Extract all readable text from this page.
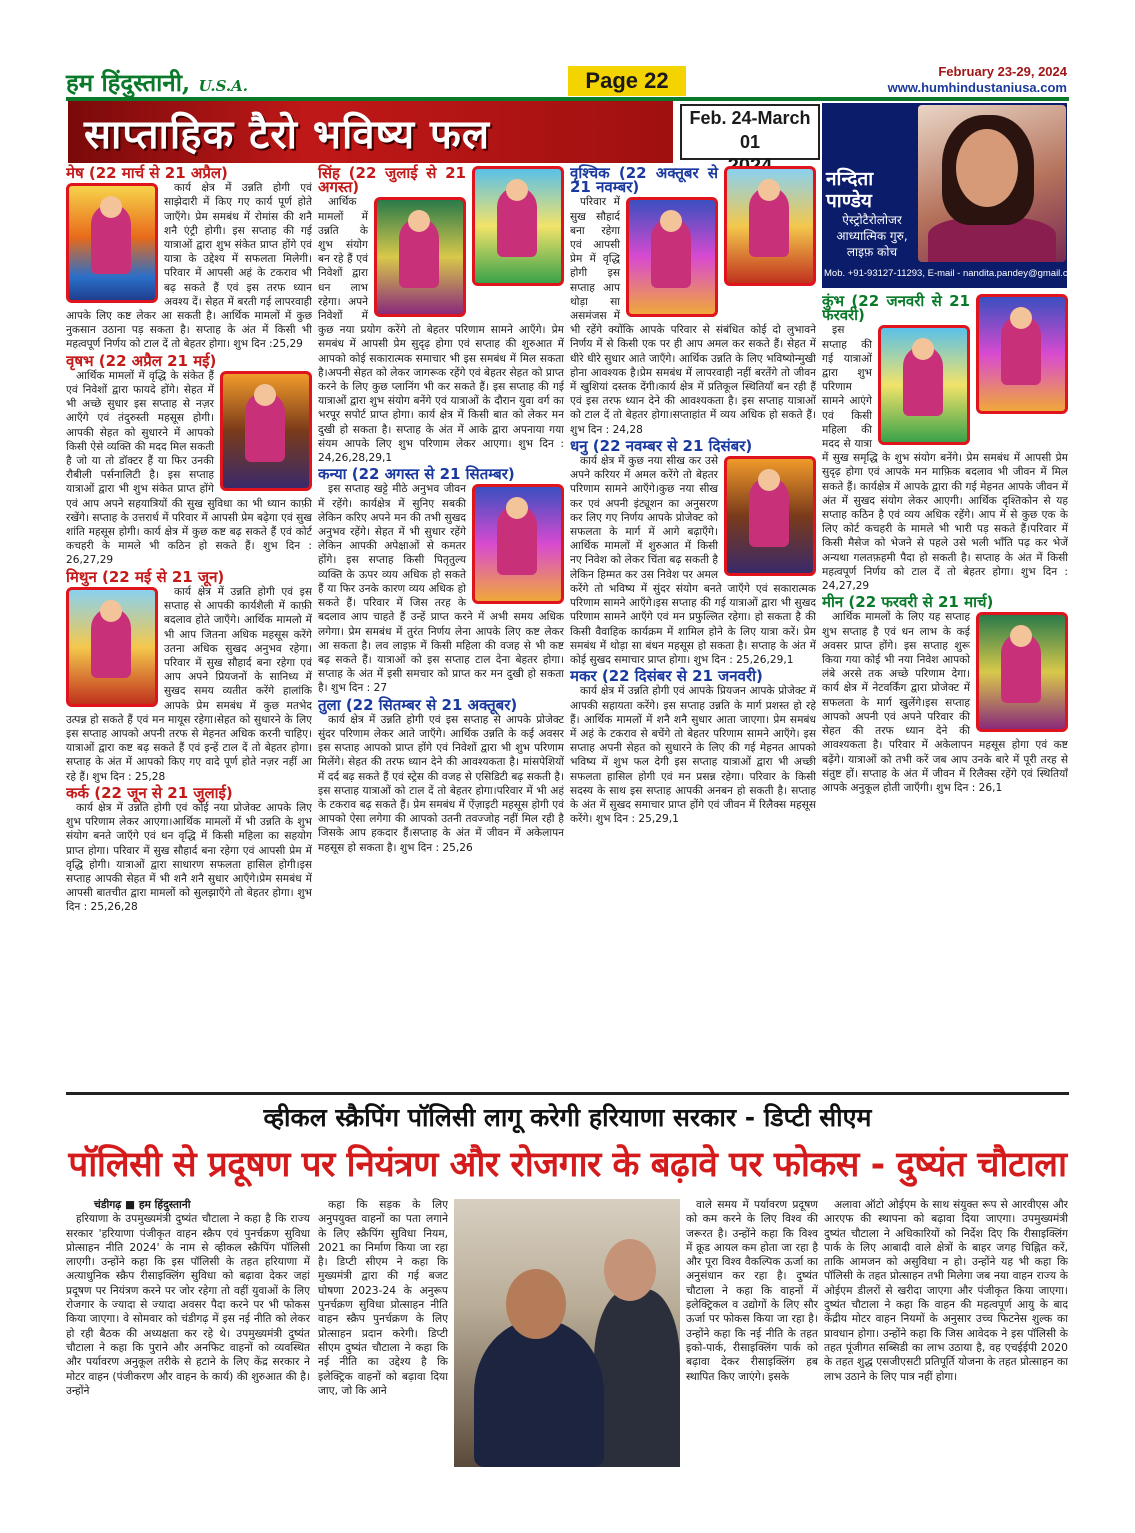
हम हिंदुस्तानी, U.S.A.	Page 22	February 23-29, 2024
www.humhindustaniusa.com
साप्ताहिक टैरो भविष्य फल	Feb. 24-March 01
नन्दिता
पाण्डेय
ऐस्ट्रोटैरोलोजर
आध्यात्मिक गुरु,
लाइफ़ कोच
Mob. +91-93127-11293, E-mail - nandita.pandey@gmail.com
मेष (22 मार्च से 21 अप्रैल)

कार्य क्षेत्र में उन्नति होगी एवं साझेदारी में किए गए कार्य पूर्ण होते जाएँगे। प्रेम समबंध में रोमांस की शनै शनै एंट्री होगी। इस सप्ताह की गई यात्राओं द्वारा शुभ संकेत प्राप्त होंगे एवं यात्रा के उद्देश्य में सफलता मिलेगी।परिवार में आपसी अहं के टकराव भी बढ़ सकते हैं एवं इस तरफ ध्यान अवश्य दें। सेहत में बरती गई लापरवाही आपके लिए कष्ट लेकर आ सकती है। आर्थिक मामलों में कुछ नुकसान उठाना पड़ सकता है। सप्ताह के अंत में किसी भी महत्वपूर्ण निर्णय को टाल दें तो बेहतर होगा। शुभ दिन :25,29

वृषभ (22 अप्रैल 21 मई)

आर्थिक मामलों में वृद्धि के संकेत हैं एवं निवेशों द्वारा फायदे होंगे। सेहत में भी अच्छे सुधार इस सप्ताह से नज़र आएँगे एवं तंदुरुस्ती महसूस होगी।आपकी सेहत को सुधारने में आपको किसी ऐसे व्यक्ति की मदद मिल सकती है जो या तो डॉक्टर हैं या फिर उनकी रौबीली पर्सनालिटी है। इस सप्ताह यात्राओं द्वारा भी शुभ संकेत प्राप्त होंगे एवं आप अपने सहयात्रियों की सुख सुविधा का भी ध्यान काफ़ी रखेंगे। सप्ताह के उत्तरार्ध में परिवार में आपसी प्रेम बढ़ेगा एवं सुख शांति महसूस होगी। कार्य क्षेत्र में कुछ कष्ट बढ़ सकते हैं एवं कोर्ट कचहरी के मामले भी कठिन हो सकते हैं। शुभ दिन : 26,27,29

मिथुन (22 मई से 21 जून)

कार्य क्षेत्र में उन्नति होगी एवं इस सप्ताह से आपकी कार्यशैली में काफ़ी बदलाव होते जाएँगे। आर्थिक मामलो में भी आप जितना अधिक महसूस करेंगे उतना अधिक सुखद अनुभव रहेगा।परिवार में सुख सौहार्द बना रहेगा एवं आप अपने प्रियजनों के सानिध्य में सुखद समय व्यतीत करेंगे हालांकि आपके प्रेम समबंध में कुछ मतभेद उत्पन्न हो सकते हैं एवं मन मायूस रहेगा।सेहत को सुधारने के लिए इस सप्ताह आपको अपनी तरफ से मेहनत अधिक करनी चाहिए। यात्राओं द्वारा कष्ट बढ़ सकते हैं एवं इन्हें टाल दें तो बेहतर होगा। सप्ताह के अंत में आपको किए गए वादे पूर्ण होते नज़र नहीं आ रहे हैं। शुभ दिन : 25,28

कर्क (22 जून से 21 जुलाई)

कार्य क्षेत्र में उन्नति होगी एवं कोई नया प्रोजेक्ट आपके लिए शुभ परिणाम लेकर आएगा।आर्थिक मामलों में भी उन्नति के शुभ संयोग बनते जाएँगे एवं धन वृद्धि में किसी महिला का सहयोग प्राप्त होगा। परिवार में सुख सौहार्द बना रहेगा एवं आपसी प्रेम में वृद्धि होगी। यात्राओं द्वारा साधारण सफलता हासिल होगी।इस सप्ताह आपकी सेहत में भी शनै शनै सुधार आएँगे।प्रेम समबंध में आपसी बातचीत द्वारा मामलों को सुलझाएँगे तो बेहतर होगा। शुभ दिन : 25,26,28

सिंह (22 जुलाई से 21 अगस्त)

आर्थिक मामलों में उन्नति के शुभ संयोग बन रहे हैं एवं निवेशों द्वारा धन लाभ रहेगा। अपने निवेशों में कुछ नया प्रयोग करेंगे तो बेहतर परिणाम सामने आएँगे। प्रेम समबंध में आपसी प्रेम सुदृढ़ होगा एवं सप्ताह की शुरुआत में आपको कोई सकारात्मक समाचार भी इस समबंध में मिल सकता है।अपनी सेहत को लेकर जागरूक रहेंगे एवं बेहतर सेहत को प्राप्त करने के लिए कुछ प्लानिंग भी कर सकते हैं। इस सप्ताह की गई यात्राओं द्वारा शुभ संयोग बनेंगे एवं यात्राओं के दौरान युवा वर्ग का भरपूर सपोर्ट प्राप्त होगा। कार्य क्षेत्र में किसी बात को लेकर मन दुखी हो सकता है। सप्ताह के अंत में आके द्वारा अपनाया गया संयम आपके लिए शुभ परिणाम लेकर आएगा। शुभ दिन : 24,26,28,29,1

कन्या (22 अगस्त से 21 सितम्बर)

इस सप्ताह खट्टे मीठे अनुभव जीवन में रहेंगे। कार्यक्षेत्र में सुनिए सबकी लेकिन करिए अपने मन की तभी सुखद अनुभव रहेंगे। सेहत में भी सुधार रहेंगे लेकिन आपकी अपेक्षाओं से कमतर होंगे। इस सप्ताह किसी पितृतुल्य व्यक्ति के ऊपर व्यय अधिक हो सकते हैं या फिर उनके कारण व्यय अधिक हो सकते हैं। परिवार में जिस तरह के बदलाव आप चाहते हैं उन्हें प्राप्त करने में अभी समय अधिक लगेगा। प्रेम समबंध में तुरंत निर्णय लेना आपके लिए कष्ट लेकर आ सकता है। लव लाइफ़ में किसी महिला की वजह से भी कष्ट बढ़ सकते हैं। यात्राओं को इस सप्ताह टाल देना बेहतर होगा। सप्ताह के अंत में इसी समचार को प्राप्त कर मन दुखी हो सकता है। शुभ दिन : 27

तुला (22 सितम्बर से 21 अक्तूबर)

कार्य क्षेत्र में उन्नति होगी एवं इस सप्ताह से आपके प्रोजेक्ट सुंदर परिणाम लेकर आते जाएँगे। आर्थिक उन्नति के कई अवसर इस सप्ताह आपको प्राप्त होंगे एवं निवेशों द्वारा भी शुभ परिणाम मिलेंगे। सेहत की तरफ ध्यान देने की आवश्यकता है। मांसपेशियों में दर्द बढ़ सकते हैं एवं स्ट्रेस की वजह से एसिडिटी बढ़ सकती है। इस सप्ताह यात्राओं को टाल दें तो बेहतर होगा।परिवार में भी अहं के टकराव बढ़ सकते हैं। प्रेम समबंध में ऐंज़ाइटी महसूस होगी एवं आपको ऐसा लगेगा की आपको उतनी तवज्जोह नहीं मिल रही है जिसके आप हकदार हैं।सप्ताह के अंत में जीवन में अकेलापन महसूस हो सकता है। शुभ दिन : 25,26

वृश्चिक (22 अक्तूबर से 21 नवम्बर)

परिवार में सुख सौहार्द बना रहेगा एवं आपसी प्रेम में वृद्धि होगी इस सप्ताह आप थोड़ा सा असमंजस में भी रहेंगे क्योंकि आपके परिवार से संबंधित कोई दो लुभावने निर्णय में से किसी एक पर ही आप अमल कर सकते हैं। सेहत में धीरे धीरे सुधार आते जाएँगे। आर्थिक उन्नति के लिए भविष्योन्मुखी होना आवश्यक है।प्रेम समबंध में लापरवाही नहीं बरतेंगे तो जीवन में खुशियां दस्तक देंगी।कार्य क्षेत्र में प्रतिकूल स्थितियाँ बन रही हैं एवं इस तरफ ध्यान देने की आवश्यकता है। इस सप्ताह यात्राओं को टाल दें तो बेहतर होगा।सप्ताहांत में व्यय अधिक हो सकते हैं। शुभ दिन : 24,28

धनु (22 नवम्बर से 21 दिसंबर)

कार्य क्षेत्र में कुछ नया सीख कर उसे अपने करियर में अमल करेंगे तो बेहतर परिणाम सामने आएँगे।कुछ नया सीख कर एवं अपनी इंट्यूशन का अनुसरण कर लिए गए निर्णय आपके प्रोजेक्ट को सफलता के मार्ग में आगे बढ़ाएँगे। आर्थिक मामलों में शुरुआत में किसी नए निवेश को लेकर चिंता बढ़ सकती है लेकिन हिम्मत कर उस निवेश पर अमल करेंगे तो भविष्य में सुंदर संयोग बनते जाएँगे एवं सकारात्मक परिणाम सामने आएँगे।इस सप्ताह की गई यात्राओं द्वारा भी सुखद परिणाम सामने आएँगे एवं मन प्रफुल्लित रहेगा। हो सकता है की किसी वैवाहिक कार्यक्रम में शामिल होने के लिए यात्रा करें। प्रेम समबंध में थोड़ा सा बंधन महसूस हो सकता है। सप्ताह के अंत में कोई सुखद समाचार प्राप्त होगा। शुभ दिन : 25,26,29,1

मकर (22 दिसंबर से 21 जनवरी)

कार्य क्षेत्र में उन्नति होगी एवं आपके प्रियजन आपके प्रोजेक्ट में आपकी सहायता करेंगे। इस सप्ताह उन्नति के मार्ग प्रशस्त हो रहे हैं। आर्थिक मामलों में शनै शनै सुधार आता जाएगा। प्रेम समबंध में अहं के टकराव से बचेंगे तो बेहतर परिणाम सामने आएँगे। इस सप्ताह अपनी सेहत को सुधारने के लिए की गई मेहनत आपको भविष्य में शुभ फल देगी इस सप्ताह यात्राओं द्वारा भी अच्छी सफलता हासिल होगी एवं मन प्रसन्न रहेगा। परिवार के किसी सदस्य के साथ इस सप्ताह आपकी अनबन हो सकती है। सप्ताह के अंत में सुखद समाचार प्राप्त होंगे एवं जीवन में रिलैक्स महसूस करेंगे। शुभ दिन : 25,29,1

कुंभ (22 जनवरी से 21 फरवरी)

इस सप्ताह की गई यात्राओं द्वारा शुभ परिणाम सामने आएंगे एवं किसी महिला की मदद से यात्रा में सुख समृद्धि के शुभ संयोग बनेंगे। प्रेम समबंध में आपसी प्रेम सुदृढ़ होगा एवं आपके मन माफ़िक बदलाव भी जीवन में मिल सकते हैं। कार्यक्षेत्र में आपके द्वारा की गई मेहनत आपके जीवन में अंत में सुखद संयोग लेकर आएगी। आर्थिक दृश्तिकोन से यह सप्ताह कठिन है एवं व्यय अधिक रहेंगे। आप में से कुछ एक के लिए कोर्ट कचहरी के मामले भी भारी पड़ सकते हैं।परिवार में किसी मैसेज को भेजने से पहले उसे भली भाँति पढ़ कर भेजें अन्यथा गलतफ़हमी पैदा हो सकती है। सप्ताह के अंत में किसी महत्वपूर्ण निर्णय को टाल दें तो बेहतर होगा। शुभ दिन : 24,27,29

मीन (22 फरवरी से 21 मार्च)

आर्थिक मामलों के लिए यह सप्ताह शुभ सप्ताह है एवं धन लाभ के कई अवसर प्राप्त होंगे। इस सप्ताह शुरू किया गया कोई भी नया निवेश आपको लंबे अरसे तक अच्छे परिणाम देगा। कार्य क्षेत्र में नेटवर्किंग द्वारा प्रोजेक्ट में सफलता के मार्ग खुलेंगे।इस सप्ताह आपको अपनी एवं अपने परिवार की सेहत की तरफ ध्यान देने की आवश्यकता है। परिवार में अकेलापन महसूस होगा एवं कष्ट बढ़ेंगे। यात्राओं को तभी करें जब आप उनके बारे में पूरी तरह से संतुष्ट हों। सप्ताह के अंत में जीवन में रिलैक्स रहेंगे एवं स्थितियाँ आपके अनुकूल होती जाएँगी। शुभ दिन : 26,1

व्हीकल स्क्रैपिंग पॉलिसी लागू करेगी हरियाणा सरकार - डिप्टी सीएम
पॉलिसी से प्रदूषण पर नियंत्रण और रोजगार के बढ़ावे पर फोकस - दुष्यंत चौटाला
चंडीगढ़ ■ हम हिंदुस्तानी

हरियाणा के उपमुख्यमंत्री दुष्यंत चौटाला ने कहा है कि राज्य सरकार 'हरियाणा पंजीकृत वाहन स्क्रैप एवं पुनर्चक्रण सुविधा प्रोत्साहन नीति 2024' के नाम से व्हीकल स्क्रैपिंग पॉलिसी लाएगी। उन्होंने कहा कि इस पॉलिसी के तहत हरियाणा में अत्याधुनिक स्क्रैप रीसाइक्लिंग सुविधा को बढ़ावा देकर जहां प्रदूषण पर नियंत्रण करने पर जोर रहेगा तो वहीं युवाओं के लिए रोजगार के ज्यादा से ज्यादा अवसर पैदा करने पर भी फोकस किया जाएगा। वे सोमवार को चंडीगढ़ में इस नई नीति को लेकर हो रही बैठक की अध्यक्षता कर रहे थे। उपमुख्यमंत्री दुष्यंत चौटाला ने कहा कि पुराने और अनफिट वाहनों को व्यवस्थित और पर्यावरण अनुकूल तरीके से हटाने के लिए केंद्र सरकार ने मोटर वाहन (पंजीकरण और वाहन के कार्य) की शुरुआत की है। उन्होंने

कहा कि सड़क के लिए अनुपयुक्त वाहनों का पता लगाने के लिए स्क्रैपिंग सुविधा नियम, 2021 का निर्माण किया जा रहा है। डिप्टी सीएम ने कहा कि मुख्यमंत्री द्वारा की गई बजट घोषणा 2023-24 के अनुरूप पुनर्चक्रण सुविधा प्रोत्साहन नीति वाहन स्क्रैप पुनर्चक्रण के लिए प्रोत्साहन प्रदान करेगी। डिप्टी सीएम दुष्यंत चौटाला ने कहा कि नई नीति का उद्देश्य है कि इलेक्ट्रिक वाहनों को बढ़ावा दिया जाए, जो कि आने

वाले समय में पर्यावरण प्रदूषण को कम करने के लिए विश्व की जरूरत है। उन्होंने कहा कि विश्व में क्रूड आयल कम होता जा रहा है और पूरा विश्व वैकल्पिक ऊर्जा का अनुसंधान कर रहा है। दुष्यंत चौटाला ने कहा कि वाहनों में इलेक्ट्रिकल व उद्योगों के लिए सौर ऊर्जा पर फोकस किया जा रहा है। उन्होंने कहा कि नई नीति के तहत इको-पार्क, रीसाइक्लिंग पार्क को बढ़ावा देकर रीसाइक्लिंग हब स्थापित किए जाएंगे। इसके

अलावा ऑटो ओईएम के साथ संयुक्त रूप से आरवीएस और आरएफ की स्थापना को बढ़ावा दिया जाएगा। उपमुख्यमंत्री दुष्यंत चौटाला ने अधिकारियों को निर्देश दिए कि रीसाइक्लिंग पार्क के लिए आबादी वाले क्षेत्रों के बाहर जगह चिह्नित करें, ताकि आमजन को असुविधा न हो। उन्होंने यह भी कहा कि पॉलिसी के तहत प्रोत्साहन तभी मिलेगा जब नया वाहन राज्य के ओईएम डीलरों से खरीदा जाएगा और पंजीकृत किया जाएगा। दुष्यंत चौटाला ने कहा कि वाहन की महत्वपूर्ण आयु के बाद केंद्रीय मोटर वाहन नियमों के अनुसार उच्च फिटनेस शुल्क का प्रावधान होगा। उन्होंने कहा कि जिस आवेदक ने इस पॉलिसी के तहत पूंजीगत सब्सिडी का लाभ उठाया है, वह एचईईपी 2020 के तहत शुद्ध एसजीएसटी प्रतिपूर्ति योजना के तहत प्रोत्साहन का लाभ उठाने के लिए पात्र नहीं होगा।
